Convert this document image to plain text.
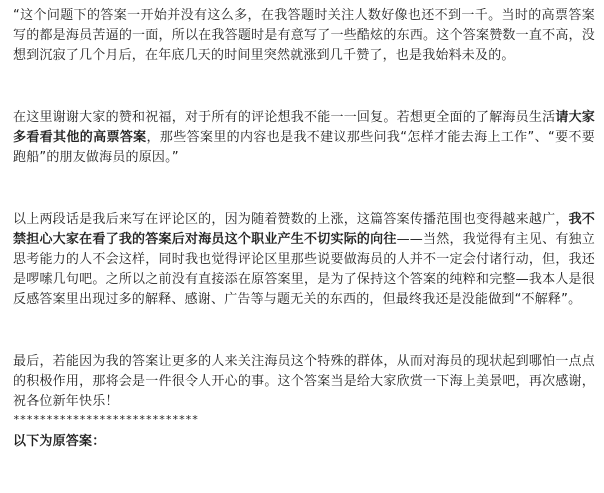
“这个问题下的答案一开始并没有这么多，在我答题时关注人数好像也还不到一千。当时的高票答案写的都是海员苦逼的一面，所以在我答题时是有意写了一些酷炫的东西。这个答案赞数一直不高，没想到沉寂了几个月后，在年底几天的时间里突然就涨到几千赞了，也是我始料未及的。

在这里谢谢大家的赞和祝福，对于所有的评论想我不能一一回复。若想更全面的了解海员生活请大家多看看其他的高票答案，那些答案里的内容也是我不建议那些问我“怎样才能去海上工作”、“要不要跑船”的朋友做海员的原因。”

以上两段话是我后来写在评论区的，因为随着赞数的上涨，这篇答案传播范围也变得越来越广，我不禁担心大家在看了我的答案后对海员这个职业产生不切实际的向往——当然，我觉得有主见、有独立思考能力的人不会这样，同时我也觉得评论区里那些说要做海员的人并不一定会付诸行动，但，我还是啰嗦几句吧。之所以之前没有直接添在原答案里，是为了保持这个答案的纯粹和完整—我本人是很反感答案里出现过多的解释、感谢、广告等与题无关的东西的，但最终我还是没能做到“不解释”。

最后，若能因为我的答案让更多的人来关注海员这个特殊的群体，从而对海员的现状起到哪怕一点点的积极作用，那将会是一件很令人开心的事。这个答案当是给大家欣赏一下海上美景吧，再次感谢，祝各位新年快乐！

****************************

以下为原答案：
